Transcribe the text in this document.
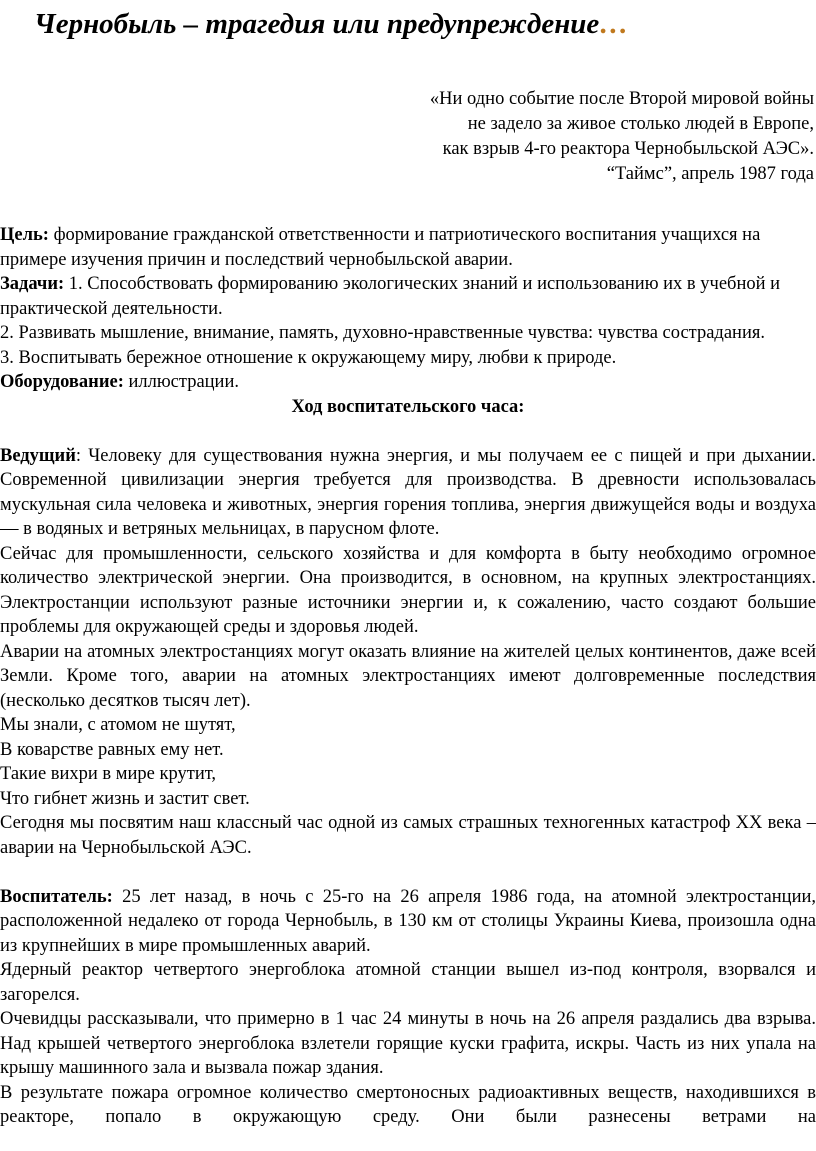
Чернобыль – трагедия или предупреждение…
«Ни одно событие после Второй мировой войны
не задело за живое столько людей в Европе,
как взрыв 4-го реактора Чернобыльской АЭС».
“Таймс”, апрель 1987 года

Цель: формирование гражданской ответственности и патриотического воспитания учащихся на примере изучения причин и последствий чернобыльской аварии.

Задачи: 1. Способствовать формированию экологических знаний и использованию их в учебной и практической деятельности.

2. Развивать мышление, внимание, память, духовно-нравственные чувства: чувства сострадания.

3. Воспитывать бережное отношение к окружающему миру, любви к природе.

Оборудование: иллюстрации.

Ход воспитательского часа:

Ведущий: Человеку для существования нужна энергия, и мы получаем ее с пищей и при дыхании. Современной цивилизации энергия требуется для производства. В древности использовалась мускульная сила человека и животных, энергия горения топлива, энергия движущейся воды и воздуха — в водяных и ветряных мельницах, в парусном флоте.

Сейчас для промышленности, сельского хозяйства и для комфорта в быту необходимо огромное количество электрической энергии. Она производится, в основном, на крупных электростанциях. Электростанции используют разные источники энергии и, к сожалению, часто создают большие проблемы для окружающей среды и здоровья людей.

Аварии на атомных электростанциях могут оказать влияние на жителей целых континентов, даже всей Земли. Кроме того, аварии на атомных электростанциях имеют долговременные последствия (несколько десятков тысяч лет).

Мы знали, с атомом не шутят,

В коварстве равных ему нет.

Такие вихри в мире крутит,

Что гибнет жизнь и застит свет.

Сегодня мы посвятим наш классный час одной из самых страшных техногенных катастроф ХХ века – аварии на Чернобыльской АЭС.

Воспитатель: 25 лет назад, в ночь с 25-го на 26 апреля 1986 года, на атомной электростанции, расположенной недалеко от города Чернобыль, в 130 км от столицы Украины Киева, произошла одна из крупнейших в мире промышленных аварий.

Ядерный реактор четвертого энергоблока атомной станции вышел из-под контроля, взорвался и загорелся.

Очевидцы рассказывали, что примерно в 1 час 24 минуты в ночь на 26 апреля раздались два взрыва. Над крышей четвертого энергоблока взлетели горящие куски графита, искры. Часть из них упала на крышу машинного зала и вызвала пожар здания.

В результате пожара огромное количество смертоносных радиоактивных веществ, находившихся в реакторе, попало в окружающую среду. Они были разнесены ветрами на
